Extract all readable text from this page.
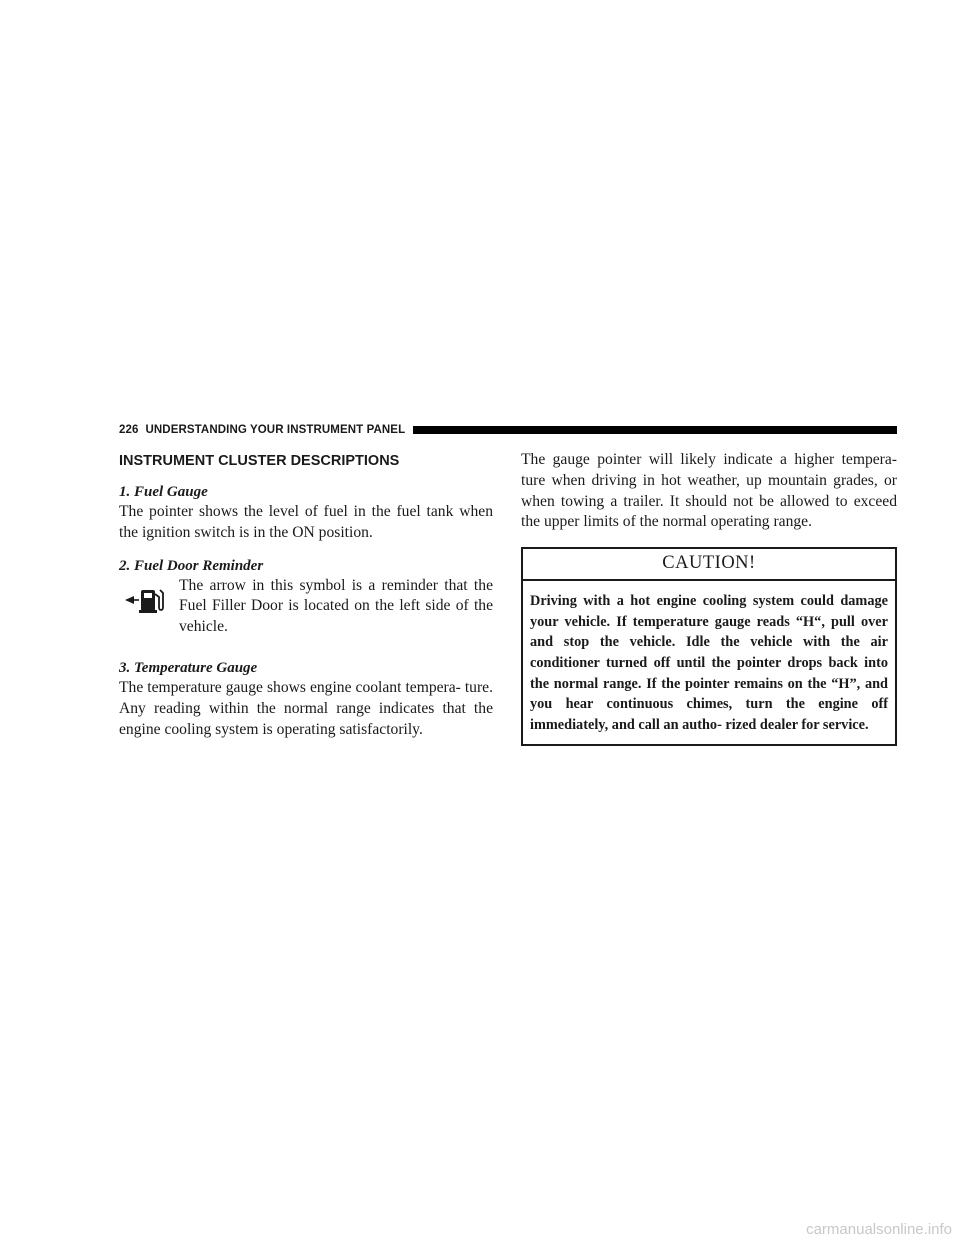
226 UNDERSTANDING YOUR INSTRUMENT PANEL
INSTRUMENT CLUSTER DESCRIPTIONS

1. Fuel Gauge

The pointer shows the level of fuel in the fuel tank when the ignition switch is in the ON position.

2. Fuel Door Reminder

The arrow in this symbol is a reminder that the Fuel Filler Door is located on the left side of the vehicle.

3. Temperature Gauge

The temperature gauge shows engine coolant tempera- ture. Any reading within the normal range indicates that the engine cooling system is operating satisfactorily.

The gauge pointer will likely indicate a higher tempera- ture when driving in hot weather, up mountain grades, or when towing a trailer. It should not be allowed to exceed the upper limits of the normal operating range.

CAUTION!
Driving with a hot engine cooling system could damage your vehicle. If temperature gauge reads “H“, pull over and stop the vehicle. Idle the vehicle with the air conditioner turned off until the pointer drops back into the normal range. If the pointer remains on the “H”, and you hear continuous chimes, turn the engine off immediately, and call an autho- rized dealer for service.
carmanualsonline.info
